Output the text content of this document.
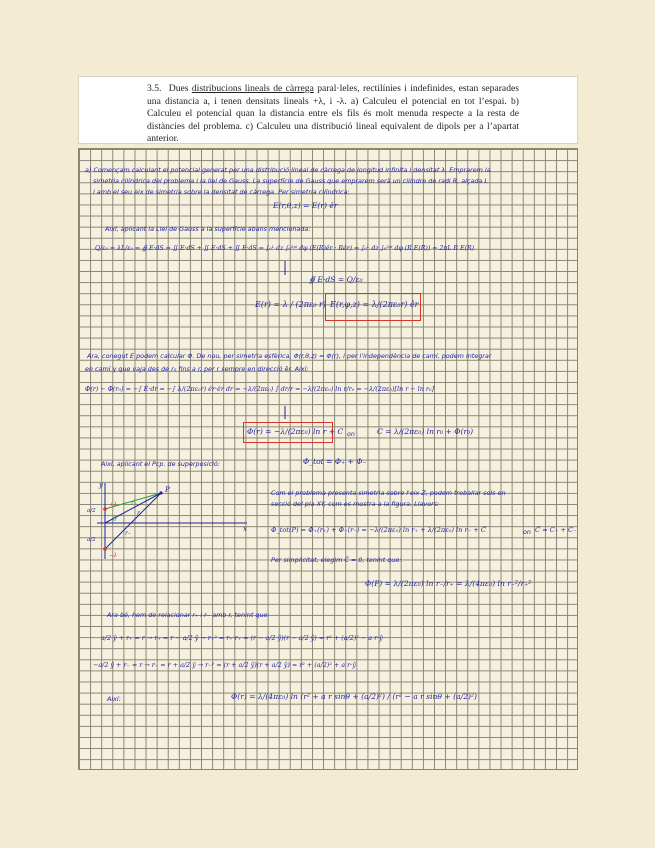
3.5. Dues distribucions lineals de càrrega paral·leles, rectilínies i indefinides, estan separades una distancia a, i tenen densitats lineals +λ, i -λ. a) Calculeu el potencial en tot l’espai. b) Calculeu el potencial quan la distancia entre els fils és molt menuda respecte a la resta de distàncies del problema. c) Calculeu una distribució lineal equivalent de dipols per a l’apartat anterior.
a) Començam calculant el potencial generat per una distribució lineal de càrrega de longitud infinita i densitat λ. Emprarem la
simetria cilíndrica del problema i la llei de Gauss. La superfície de Gauss que emprarem serà un cilindre de radi R, alçada L
i amb el seu eix de simetria sobre la densitat de càrrega. Per simetria cilíndrica:
E(r,θ,z) = E(r) êr
Així, aplicant la Llei de Gauss a la superfície abans mencionada:
Q/ε₀ = λL/ε₀ = ∯ E·dS = ∬ E·dS + ∬ E·dS + ∬ E·dS = ∫₀ᴸ dz ∫₀²ᵖⁱ dφ (E(R)êr · Rêr) = ∫₀ᴸ dz ∫₀²ᵖⁱ dφ (R E(R)) = 2πL R E(R)
∯ E·dS = Q/ε₀
E(r) = λ / (2πε₀ r) E(r,φ,z) = λ/(2πε₀r) êr
Ara, conegut E podem calcular Φ. De nou, per simetria esfèrica, Φ(r,θ,z) = Φ(r), i per l'independència de camí, podem integrar
en camí γ que vaja des de r₀ fins a r, per r sempre en direcció êr. Així:
Φ(r) − Φ(r₀) = −∫ E·dr = −∫ λ/(2πε₀r) êr·êr dr = −λ/(2πε₀) ∫ dr/r = −λ/(2πε₀) ln r/r₀ = −λ/(2πε₀)[ln r − ln r₀]
Φ(r) = −λ/(2πε₀) ln r + C on	C = λ/(2πε₀) ln r₀ + Φ(r₀)
Així, aplicant el Pcp. de superposició:	Φ_tot = Φ₊ + Φ₋
Com el problema presenta simetria sobre l'eix Z, podem treballar sols en
secció del pla XY, com es mostra a la figura. Llavors:
Φ_tot(P) = Φ₊(r₊) + Φ₋(r₋) = −λ/(2πε₀) ln r₊ + λ/(2πε₀) ln r₋ + C̃	on C̃ = C₊ + C₋
Per simplicitat, elegim C̃ = 0, tenint que:
Φ(P) = λ/(2πε₀) ln r₋/r₊ = λ/(4πε₀) ln r₋²/r₊²
Ara bé, hem de relacionar r₊ i r₋ amb r, tenint que:
a/2 ŷ + r₊ = r → r₊ = r − a/2 ŷ → r₊² = r₊·r₊ = (r − a/2 ŷ)(r − a/2 ŷ) = r² + (a/2)² − a r·ŷ
−a/2 ŷ + r₋ = r → r₋ = r + a/2 ŷ → r₋² = (r + a/2 ŷ)(r + a/2 ŷ) = r² + (a/2)² + a r·ŷ
Així:	Φ(r) = λ/(4πε₀) ln (r² + a r sinθ + (a/2)²) / (r² − a r sinθ + (a/2)²)
y
x
P
r₊
r₋
r
a/2
a/2
+λ
−λ
θ
